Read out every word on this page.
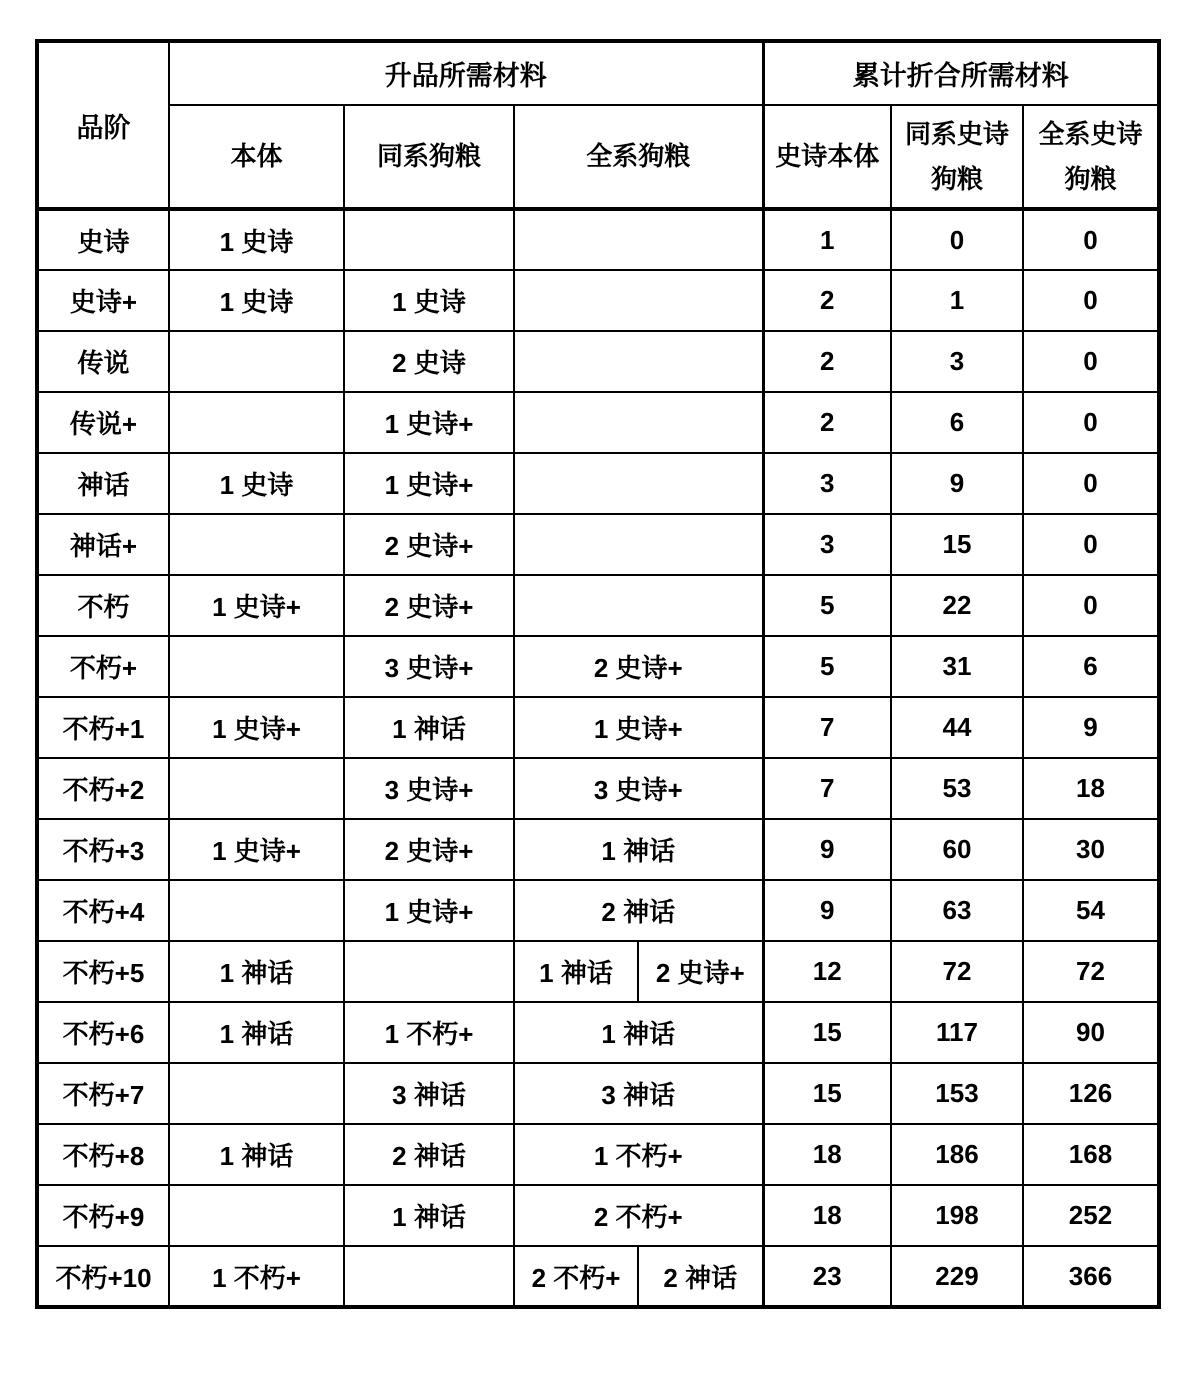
品阶	升品所需材料				累计折合所需材料		
	本体	同系狗粮	全系狗粮		史诗本体	同系史诗狗粮	全系史诗狗粮
史诗	1 史诗				1	0	0
史诗+	1 史诗	1 史诗			2	1	0
传说		2 史诗			2	3	0
传说+		1 史诗+			2	6	0
神话	1 史诗	1 史诗+			3	9	0
神话+		2 史诗+			3	15	0
不朽	1 史诗+	2 史诗+			5	22	0
不朽+		3 史诗+	2 史诗+		5	31	6
不朽+1	1 史诗+	1 神话	1 史诗+		7	44	9
不朽+2		3 史诗+	3 史诗+		7	53	18
不朽+3	1 史诗+	2 史诗+	1 神话		9	60	30
不朽+4		1 史诗+	2 神话		9	63	54
不朽+5	1 神话		1 神话	2 史诗+	12	72	72
不朽+6	1 神话	1 不朽+	1 神话		15	117	90
不朽+7		3 神话	3 神话		15	153	126
不朽+8	1 神话	2 神话	1 不朽+		18	186	168
不朽+9		1 神话	2 不朽+		18	198	252
不朽+10	1 不朽+		2 不朽+	2 神话	23	229	366
